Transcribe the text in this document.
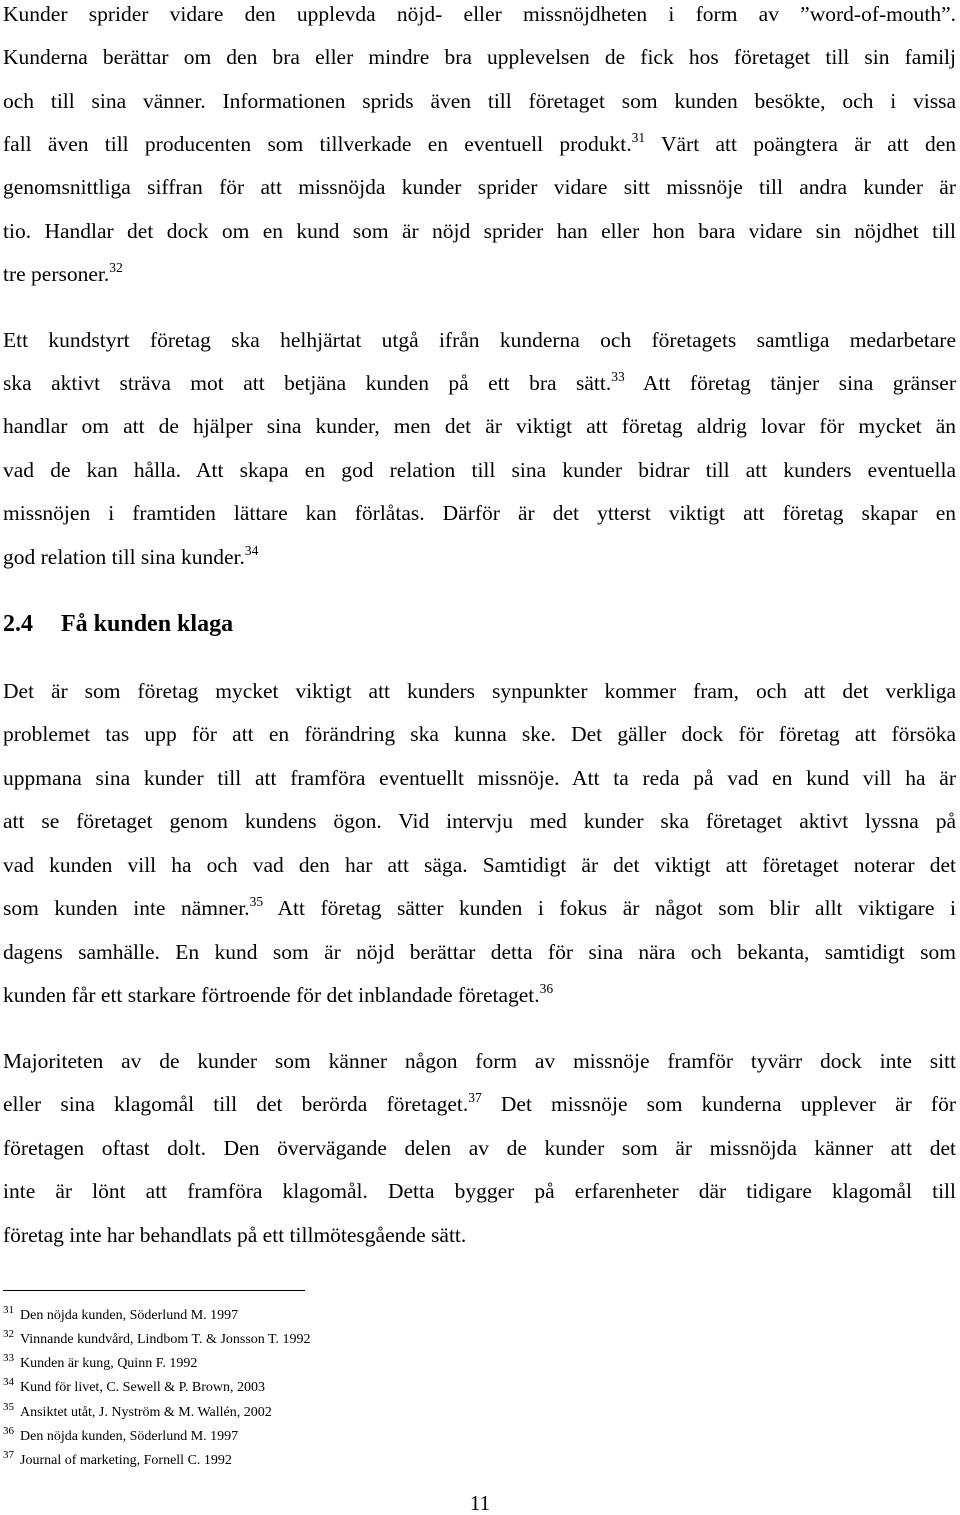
Kunder sprider vidare den upplevda nöjd- eller missnöjdheten i form av ”word-of-mouth”.
Kunderna berättar om den bra eller mindre bra upplevelsen de fick hos företaget till sin familj
och till sina vänner. Informationen sprids även till företaget som kunden besökte, och i vissa
fall även till producenten som tillverkade en eventuell produkt.$^{31}$ Värt att poängtera är att den
genomsnittliga siffran för att missnöjda kunder sprider vidare sitt missnöje till andra kunder är
tio. Handlar det dock om en kund som är nöjd sprider han eller hon bara vidare sin nöjdhet till
tre personer.$^{32}$
Ett kundstyrt företag ska helhjärtat utgå ifrån kunderna och företagets samtliga medarbetare
ska aktivt sträva mot att betjäna kunden på ett bra sätt.$^{33}$ Att företag tänjer sina gränser
handlar om att de hjälper sina kunder, men det är viktigt att företag aldrig lovar för mycket än
vad de kan hålla. Att skapa en god relation till sina kunder bidrar till att kunders eventuella
missnöjen i framtiden lättare kan förlåtas. Därför är det ytterst viktigt att företag skapar en
god relation till sina kunder.$^{34}$
2.4 Få kunden klaga
Det är som företag mycket viktigt att kunders synpunkter kommer fram, och att det verkliga
problemet tas upp för att en förändring ska kunna ske. Det gäller dock för företag att försöka
uppmana sina kunder till att framföra eventuellt missnöje. Att ta reda på vad en kund vill ha är
att se företaget genom kundens ögon. Vid intervju med kunder ska företaget aktivt lyssna på
vad kunden vill ha och vad den har att säga. Samtidigt är det viktigt att företaget noterar det
som kunden inte nämner.$^{35}$ Att företag sätter kunden i fokus är något som blir allt viktigare i
dagens samhälle. En kund som är nöjd berättar detta för sina nära och bekanta, samtidigt som
kunden får ett starkare förtroende för det inblandade företaget.$^{36}$
Majoriteten av de kunder som känner någon form av missnöje framför tyvärr dock inte sitt
eller sina klagomål till det berörda företaget.$^{37}$ Det missnöje som kunderna upplever är för
företagen oftast dolt. Den övervägande delen av de kunder som är missnöjda känner att det
inte är lönt att framföra klagomål. Detta bygger på erfarenheter där tidigare klagomål till
företag inte har behandlats på ett tillmötesgående sätt.
$^{31}$ Den nöjda kunden, Söderlund M. 1997
$^{32}$ Vinnande kundvård, Lindbom T. & Jonsson T. 1992
$^{33}$ Kunden är kung, Quinn F. 1992
$^{34}$ Kund för livet, C. Sewell & P. Brown, 2003
$^{35}$ Ansiktet utåt, J. Nyström & M. Wallén, 2002
$^{36}$ Den nöjda kunden, Söderlund M. 1997
$^{37}$ Journal of marketing, Fornell C. 1992
11
